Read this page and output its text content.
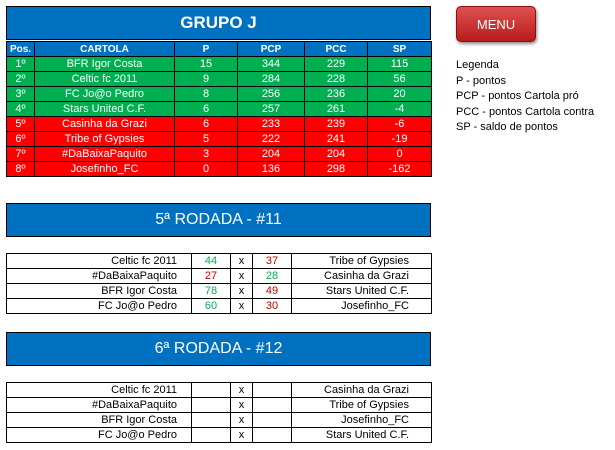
GRUPO J
Pos.	CARTOLA	P	PCP	PCC	SP
1º	BFR Igor Costa	15	344	229	115
2º	Celtic fc 2011	9	284	228	56
3º	FC Jo@o Pedro	8	256	236	20
4º	Stars United C.F.	6	257	261	-4
5º	Casinha da Grazi	6	233	239	-6
6º	Tribe of Gypsies	5	222	241	-19
7º	#DaBaixaPaquito	3	204	204	0
8º	Josefinho_FC	0	136	298	-162
MENU
Legenda
P - pontos
PCP - pontos Cartola pró
PCC - pontos Cartola contra
SP - saldo de pontos
5ª RODADA - #11
Celtic fc 2011	44	x	37	Tribe of Gypsies
#DaBaixaPaquito	27	x	28	Casinha da Grazi
BFR Igor Costa	78	x	49	Stars United C.F.
FC Jo@o Pedro	60	x	30	Josefinho_FC
6ª RODADA - #12
Celtic fc 2011		x		Casinha da Grazi
#DaBaixaPaquito		x		Tribe of Gypsies
BFR Igor Costa		x		Josefinho_FC
FC Jo@o Pedro		x		Stars United C.F.
